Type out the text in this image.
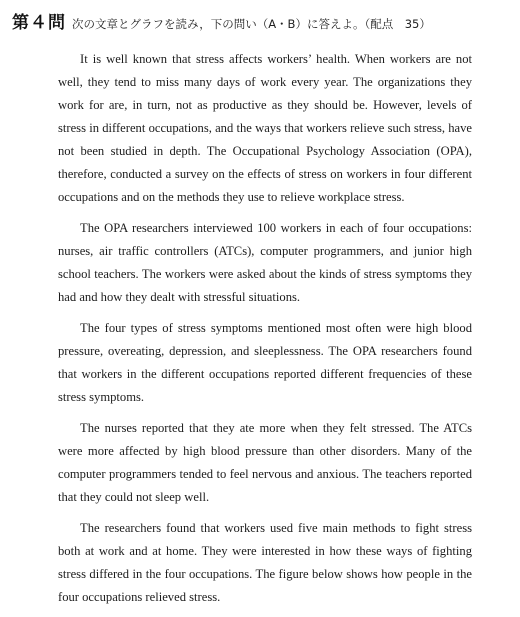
第４問 次の文章とグラフを読み，下の問い（A・B）に答えよ。（配点　35）

It is well known that stress affects workers’ health. When workers are not well, they tend to miss many days of work every year. The organizations they work for are, in turn, not as productive as they should be. However, levels of stress in different occupations, and the ways that workers relieve such stress, have not been studied in depth. The Occupational Psychology Association (OPA), therefore, conducted a survey on the effects of stress on workers in four different occupations and on the methods they use to relieve workplace stress.

The OPA researchers interviewed 100 workers in each of four occupations: nurses, air traffic controllers (ATCs), computer programmers, and junior high school teachers. The workers were asked about the kinds of stress symptoms they had and how they dealt with stressful situations.

The four types of stress symptoms mentioned most often were high blood pressure, overeating, depression, and sleeplessness. The OPA researchers found that workers in the different occupations reported different frequencies of these stress symptoms.

The nurses reported that they ate more when they felt stressed. The ATCs were more affected by high blood pressure than other disorders. Many of the computer programmers tended to feel nervous and anxious. The teachers reported that they could not sleep well.

The researchers found that workers used five main methods to fight stress both at work and at home. They were interested in how these ways of fighting stress differed in the four occupations. The figure below shows how people in the four occupations relieved stress.
